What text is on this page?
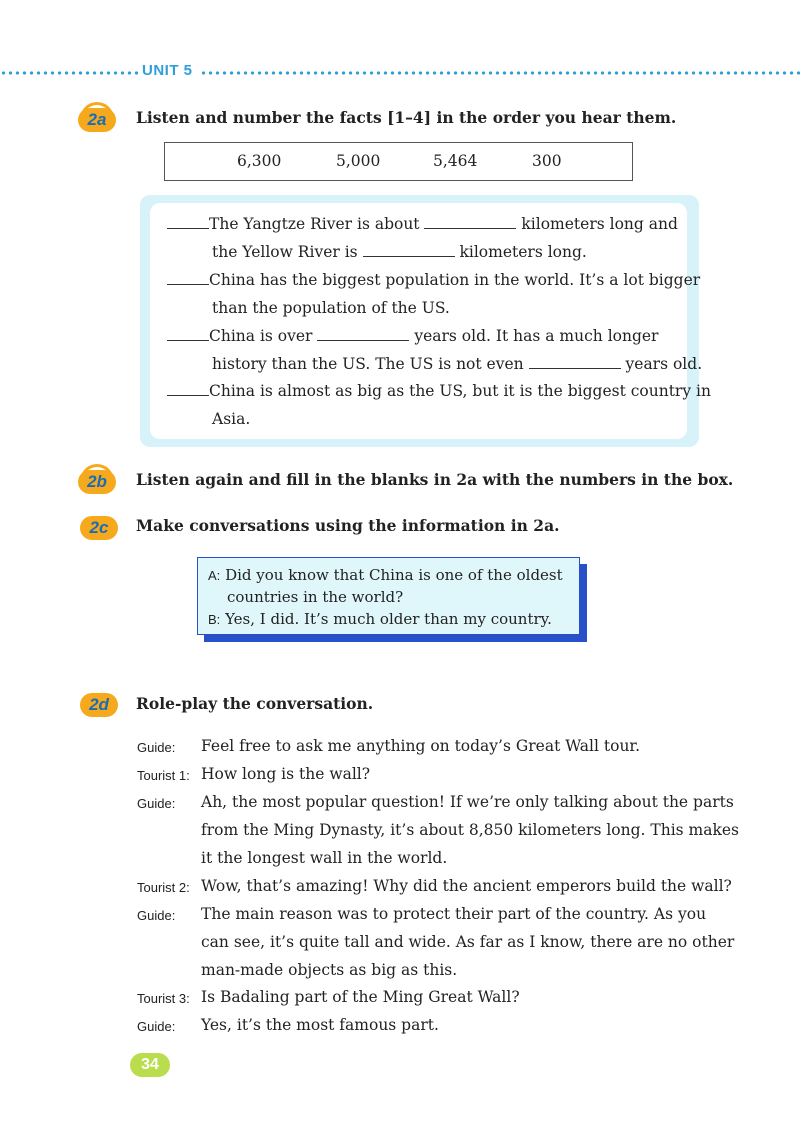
UNIT 5
2a	Listen and number the facts [1–4] in the order you hear them.
6,300	5,000	5,464	300
The Yangtze River is about	kilometers long and
the Yellow River is	kilometers long.
China has the biggest population in the world. It’s a lot bigger
than the population of the US.
China is over	years old. It has a much longer
history than the US. The US is not even	years old.
China is almost as big as the US, but it is the biggest country in
Asia.
2b	Listen again and fill in the blanks in 2a with the numbers in the box.
2c	Make conversations using the information in 2a.
A: Did you know that China is one of the oldest
countries in the world?
B: Yes, I did. It’s much older than my country.
2d	Role-play the conversation.
Guide: Feel free to ask me anything on today’s Great Wall tour.
Tourist 1: How long is the wall?
Guide: Ah, the most popular question! If we’re only talking about the parts
from the Ming Dynasty, it’s about 8,850 kilometers long. This makes
it the longest wall in the world.
Tourist 2: Wow, that’s amazing! Why did the ancient emperors build the wall?
Guide: The main reason was to protect their part of the country. As you
can see, it’s quite tall and wide. As far as I know, there are no other
man-made objects as big as this.
Tourist 3: Is Badaling part of the Ming Great Wall?
Guide: Yes, it’s the most famous part.
34
